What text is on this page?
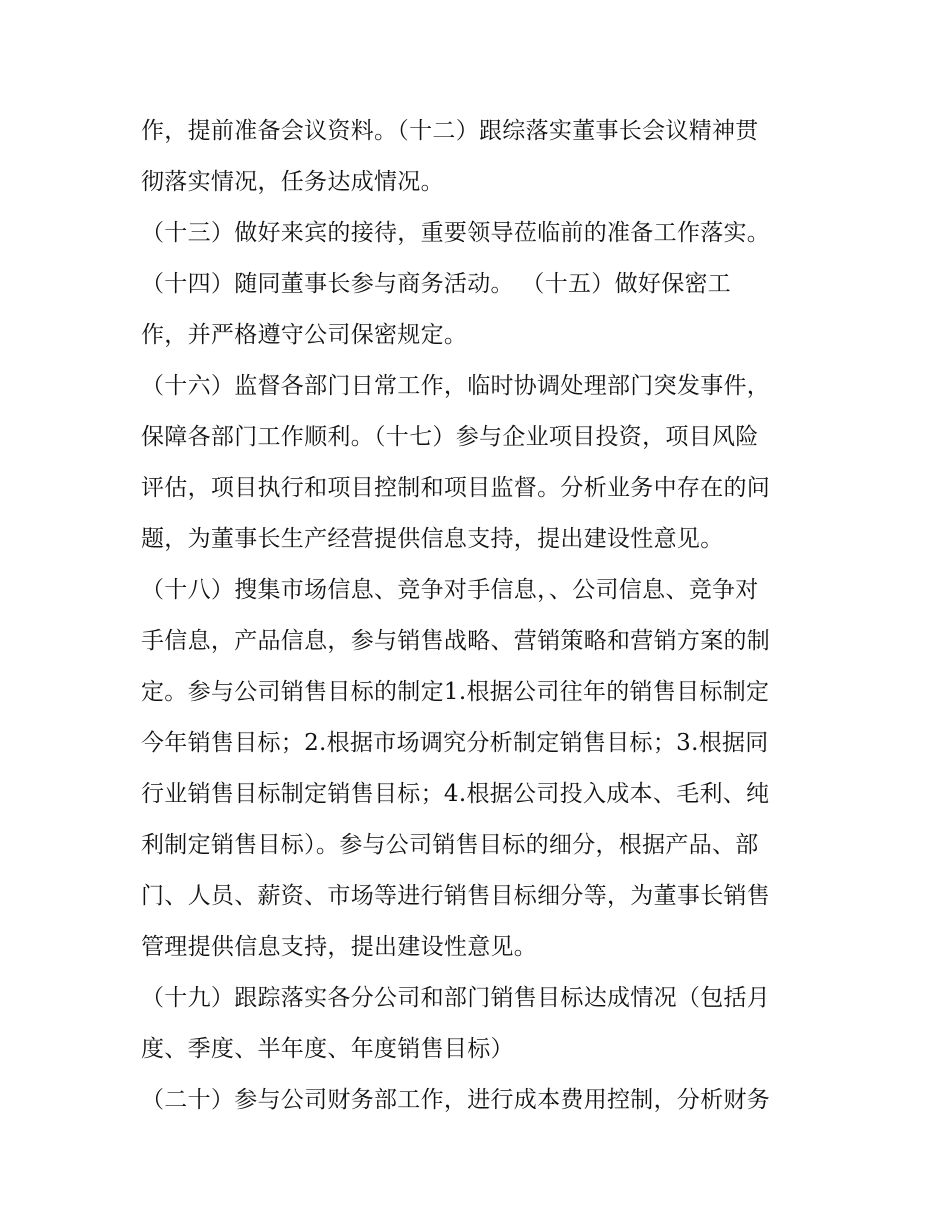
作，提前准备会议资料。（十二）跟综落实董事长会议精神贯
彻落实情况，任务达成情况。
（十三）做好来宾的接待，重要领导莅临前的准备工作落实。
（十四）随同董事长参与商务活动。 （十五）做好保密工
作，并严格遵守公司保密规定。
（十六）监督各部门日常工作，临时协调处理部门突发事件，
保障各部门工作顺利。（十七）参与企业项目投资，项目风险
评估，项目执行和项目控制和项目监督。分析业务中存在的问
题，为董事长生产经营提供信息支持，提出建设性意见。
（十八）搜集市场信息、竞争对手信息，、公司信息、竞争对
手信息，产品信息，参与销售战略、营销策略和营销方案的制
定。参与公司销售目标的制定1.根据公司往年的销售目标制定
今年销售目标；2.根据市场调究分析制定销售目标；3.根据同
行业销售目标制定销售目标；4.根据公司投入成本、毛利、纯
利制定销售目标）。参与公司销售目标的细分，根据产品、部
门、人员、薪资、市场等进行销售目标细分等，为董事长销售
管理提供信息支持，提出建设性意见。
（十九）跟踪落实各分公司和部门销售目标达成情况（包括月
度、季度、半年度、年度销售目标）
（二十）参与公司财务部工作，进行成本费用控制，分析财务
